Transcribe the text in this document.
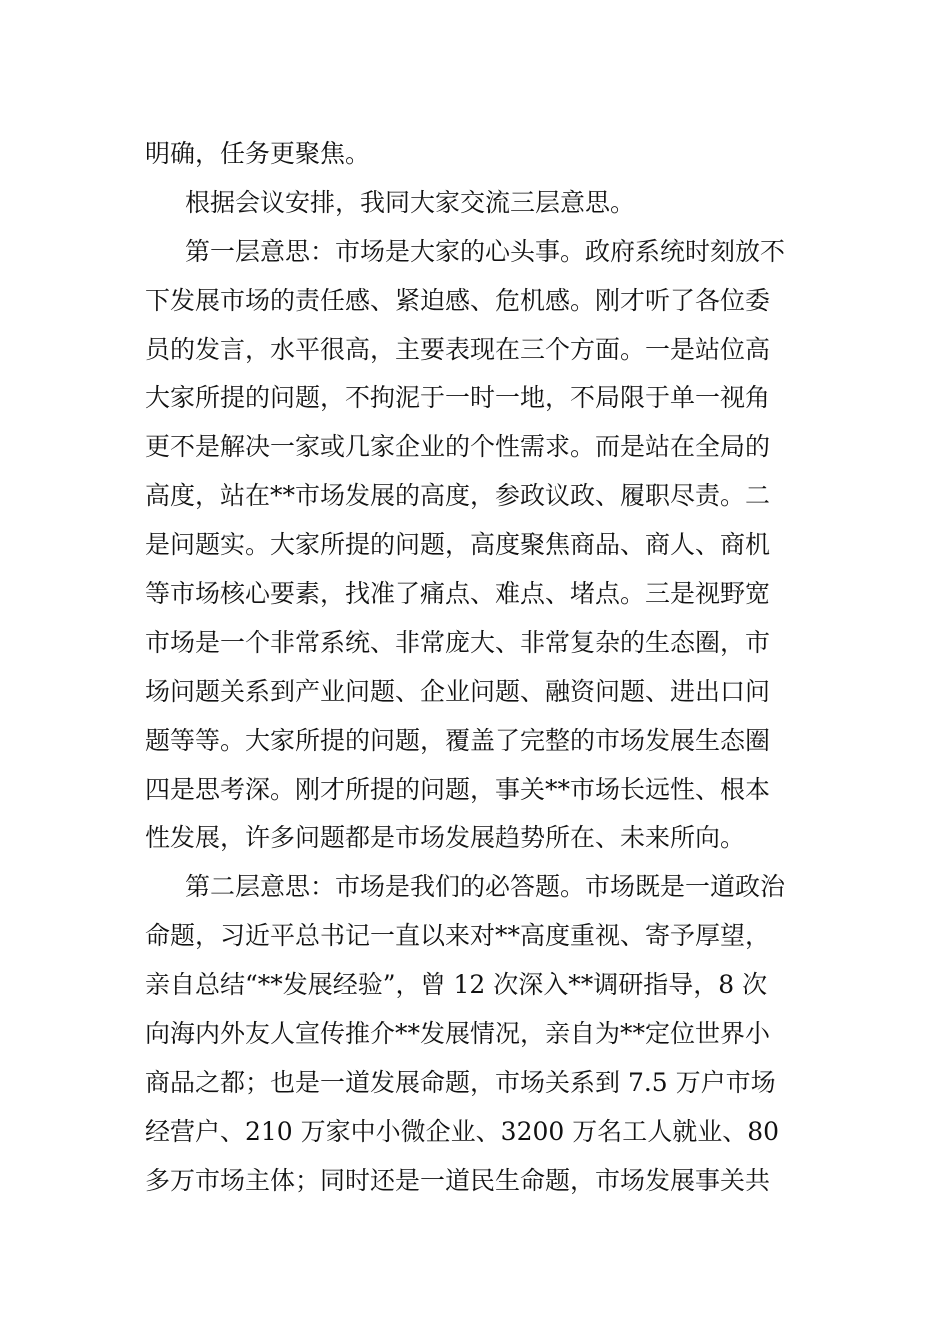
明确，任务更聚焦。
根据会议安排，我同大家交流三层意思。
第一层意思：市场是大家的心头事。政府系统时刻放不
下发展市场的责任感、紧迫感、危机感。刚才听了各位委
员的发言，水平很高，主要表现在三个方面。一是站位高
大家所提的问题，不拘泥于一时一地，不局限于单一视角
更不是解决一家或几家企业的个性需求。而是站在全局的
高度，站在**市场发展的高度，参政议政、履职尽责。二
是问题实。大家所提的问题，高度聚焦商品、商人、商机
等市场核心要素，找准了痛点、难点、堵点。三是视野宽
市场是一个非常系统、非常庞大、非常复杂的生态圈，市
场问题关系到产业问题、企业问题、融资问题、进出口问
题等等。大家所提的问题，覆盖了完整的市场发展生态圈
四是思考深。刚才所提的问题，事关**市场长远性、根本
性发展，许多问题都是市场发展趋势所在、未来所向。
第二层意思：市场是我们的必答题。市场既是一道政治
命题，习近平总书记一直以来对**高度重视、寄予厚望，
亲自总结“**发展经验”，曾 12 次深入**调研指导，8 次
向海内外友人宣传推介**发展情况，亲自为**定位世界小
商品之都；也是一道发展命题，市场关系到 7.5 万户市场
经营户、210 万家中小微企业、3200 万名工人就业、80
多万市场主体；同时还是一道民生命题，市场发展事关共
